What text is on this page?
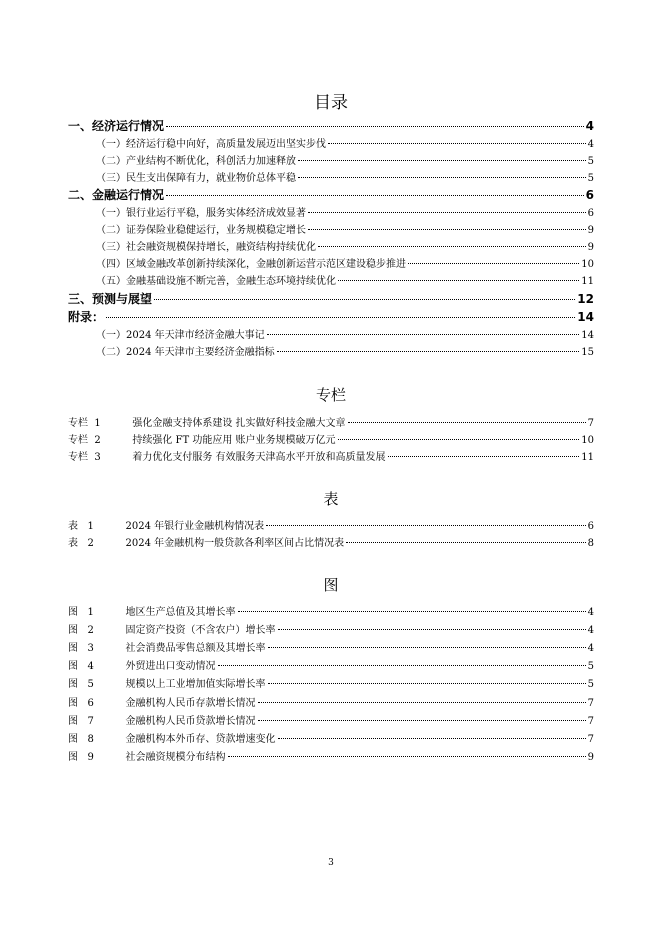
目录
一、经济运行情况	4
（一）经济运行稳中向好，高质量发展迈出坚实步伐	4
（二）产业结构不断优化，科创活力加速释放	5
（三）民生支出保障有力，就业物价总体平稳	5
二、金融运行情况	6
（一）银行业运行平稳，服务实体经济成效显著	6
（二）证券保险业稳健运行，业务规模稳定增长	9
（三）社会融资规模保持增长，融资结构持续优化	9
（四）区域金融改革创新持续深化，金融创新运营示范区建设稳步推进	10
（五）金融基础设施不断完善，金融生态环境持续优化	11
三、预测与展望	12
附录：	14
（一）2024 年天津市经济金融大事记	14
（二）2024 年天津市主要经济金融指标	15
专栏
专栏 1	强化金融支持体系建设 扎实做好科技金融大文章	7
专栏 2	持续强化 FT 功能应用 账户业务规模破万亿元	10
专栏 3	着力优化支付服务 有效服务天津高水平开放和高质量发展	11
表
表 1	2024 年银行业金融机构情况表	6
表 2	2024 年金融机构一般贷款各利率区间占比情况表	8
图
图 1	地区生产总值及其增长率	4
图 2	固定资产投资（不含农户）增长率	4
图 3	社会消费品零售总额及其增长率	4
图 4	外贸进出口变动情况	5
图 5	规模以上工业增加值实际增长率	5
图 6	金融机构人民币存款增长情况	7
图 7	金融机构人民币贷款增长情况	7
图 8	金融机构本外币存、贷款增速变化	7
图 9	社会融资规模分布结构	9
3
